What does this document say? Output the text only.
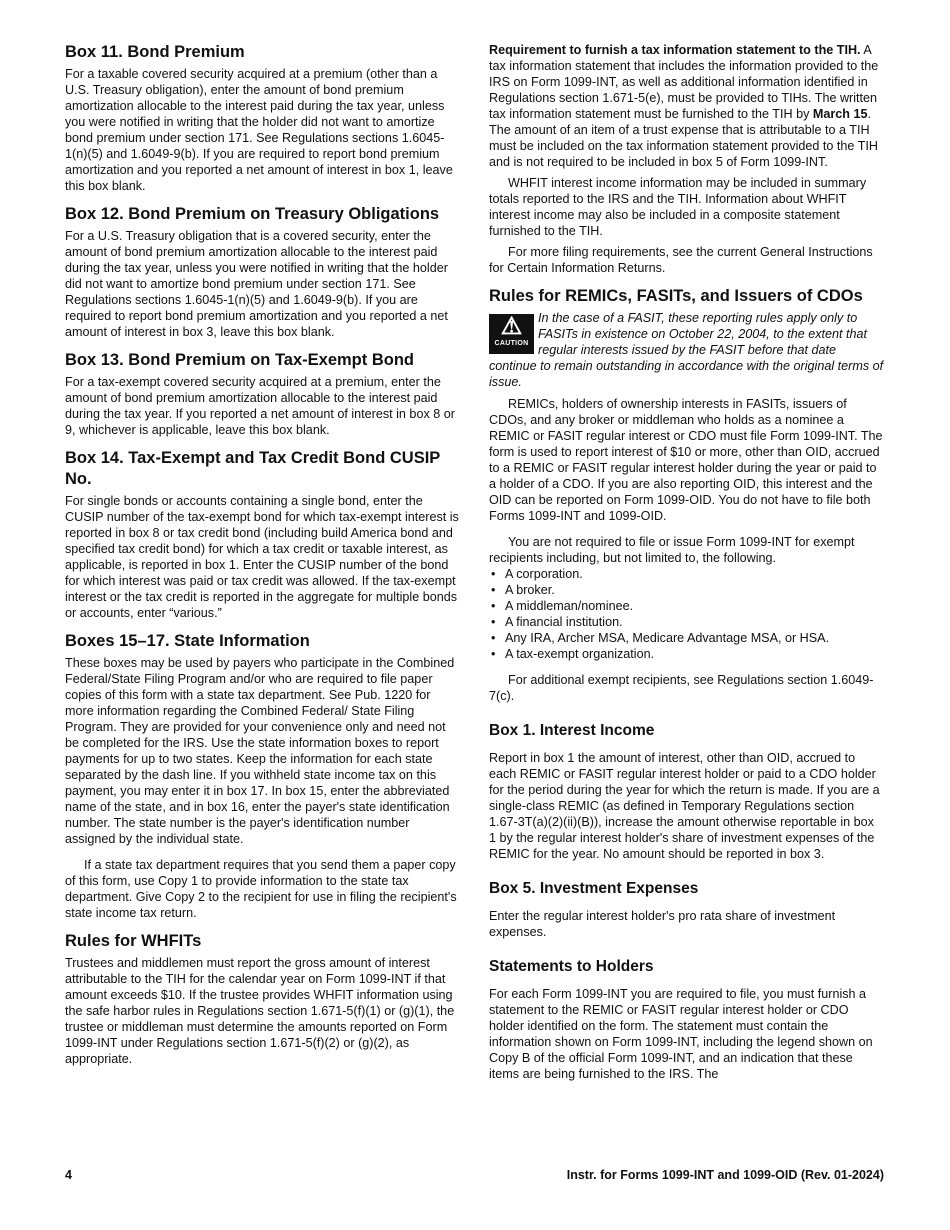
Box 11. Bond Premium

For a taxable covered security acquired at a premium (other than a U.S. Treasury obligation), enter the amount of bond premium amortization allocable to the interest paid during the tax year, unless you were notified in writing that the holder did not want to amortize bond premium under section 171. See Regulations sections 1.6045-1(n)(5) and 1.6049-9(b). If you are required to report bond premium amortization and you reported a net amount of interest in box 1, leave this box blank.

Box 12. Bond Premium on Treasury Obligations

For a U.S. Treasury obligation that is a covered security, enter the amount of bond premium amortization allocable to the interest paid during the tax year, unless you were notified in writing that the holder did not want to amortize bond premium under section 171. See Regulations sections 1.6045-1(n)(5) and 1.6049-9(b). If you are required to report bond premium amortization and you reported a net amount of interest in box 3, leave this box blank.

Box 13. Bond Premium on Tax-Exempt Bond

For a tax-exempt covered security acquired at a premium, enter the amount of bond premium amortization allocable to the interest paid during the tax year. If you reported a net amount of interest in box 8 or 9, whichever is applicable, leave this box blank.

Box 14. Tax-Exempt and Tax Credit Bond CUSIP No.

For single bonds or accounts containing a single bond, enter the CUSIP number of the tax-exempt bond for which tax-exempt interest is reported in box 8 or tax credit bond (including build America bond and specified tax credit bond) for which a tax credit or taxable interest, as applicable, is reported in box 1. Enter the CUSIP number of the bond for which interest was paid or tax credit was allowed. If the tax-exempt interest or the tax credit is reported in the aggregate for multiple bonds or accounts, enter “various.”

Boxes 15–17. State Information

These boxes may be used by payers who participate in the Combined Federal/State Filing Program and/or who are required to file paper copies of this form with a state tax department. See Pub. 1220 for more information regarding the Combined Federal/ State Filing Program. They are provided for your convenience only and need not be completed for the IRS. Use the state information boxes to report payments for up to two states. Keep the information for each state separated by the dash line. If you withheld state income tax on this payment, you may enter it in box 17. In box 15, enter the abbreviated name of the state, and in box 16, enter the payer's state identification number. The state number is the payer's identification number assigned by the individual state.

If a state tax department requires that you send them a paper copy of this form, use Copy 1 to provide information to the state tax department. Give Copy 2 to the recipient for use in filing the recipient's state income tax return.

Rules for WHFITs

Trustees and middlemen must report the gross amount of interest attributable to the TIH for the calendar year on Form 1099-INT if that amount exceeds $10. If the trustee provides WHFIT information using the safe harbor rules in Regulations section 1.671-5(f)(1) or (g)(1), the trustee or middleman must determine the amounts reported on Form 1099-INT under Regulations section 1.671-5(f)(2) or (g)(2), as appropriate.

Requirement to furnish a tax information statement to the TIH. A tax information statement that includes the information provided to the IRS on Form 1099-INT, as well as additional information identified in Regulations section 1.671-5(e), must be provided to TIHs. The written tax information statement must be furnished to the TIH by March 15. The amount of an item of a trust expense that is attributable to a TIH must be included on the tax information statement provided to the TIH and is not required to be included in box 5 of Form 1099-INT.

WHFIT interest income information may be included in summary totals reported to the IRS and the TIH. Information about WHFIT interest income may also be included in a composite statement furnished to the TIH.

For more filing requirements, see the current General Instructions for Certain Information Returns.

Rules for REMICs, FASITs, and Issuers of CDOs
⚠
CAUTION

In the case of a FASIT, these reporting rules apply only to FASITs in existence on October 22, 2004, to the extent that regular interests issued by the FASIT before that date continue to remain outstanding in accordance with the original terms of issue.

REMICs, holders of ownership interests in FASITs, issuers of CDOs, and any broker or middleman who holds as a nominee a REMIC or FASIT regular interest or CDO must file Form 1099-INT. The form is used to report interest of $10 or more, other than OID, accrued to a REMIC or FASIT regular interest holder during the year or paid to a holder of a CDO. If you are also reporting OID, this interest and the OID can be reported on Form 1099-OID. You do not have to file both Forms 1099-INT and 1099-OID.

You are not required to file or issue Form 1099-INT for exempt recipients including, but not limited to, the following.

• A corporation.
• A broker.
• A middleman/nominee.
• A financial institution.
• Any IRA, Archer MSA, Medicare Advantage MSA, or HSA.
• A tax-exempt organization.

For additional exempt recipients, see Regulations section 1.6049-7(c).

Box 1. Interest Income

Report in box 1 the amount of interest, other than OID, accrued to each REMIC or FASIT regular interest holder or paid to a CDO holder for the period during the year for which the return is made. If you are a single-class REMIC (as defined in Temporary Regulations section 1.67-3T(a)(2)(ii)(B)), increase the amount otherwise reportable in box 1 by the regular interest holder's share of investment expenses of the REMIC for the year. No amount should be reported in box 3.

Box 5. Investment Expenses

Enter the regular interest holder's pro rata share of investment expenses.

Statements to Holders

For each Form 1099-INT you are required to file, you must furnish a statement to the REMIC or FASIT regular interest holder or CDO holder identified on the form. The statement must contain the information shown on Form 1099-INT, including the legend shown on Copy B of the official Form 1099-INT, and an indication that these items are being furnished to the IRS. The

4	Instr. for Forms 1099-INT and 1099-OID (Rev. 01-2024)
